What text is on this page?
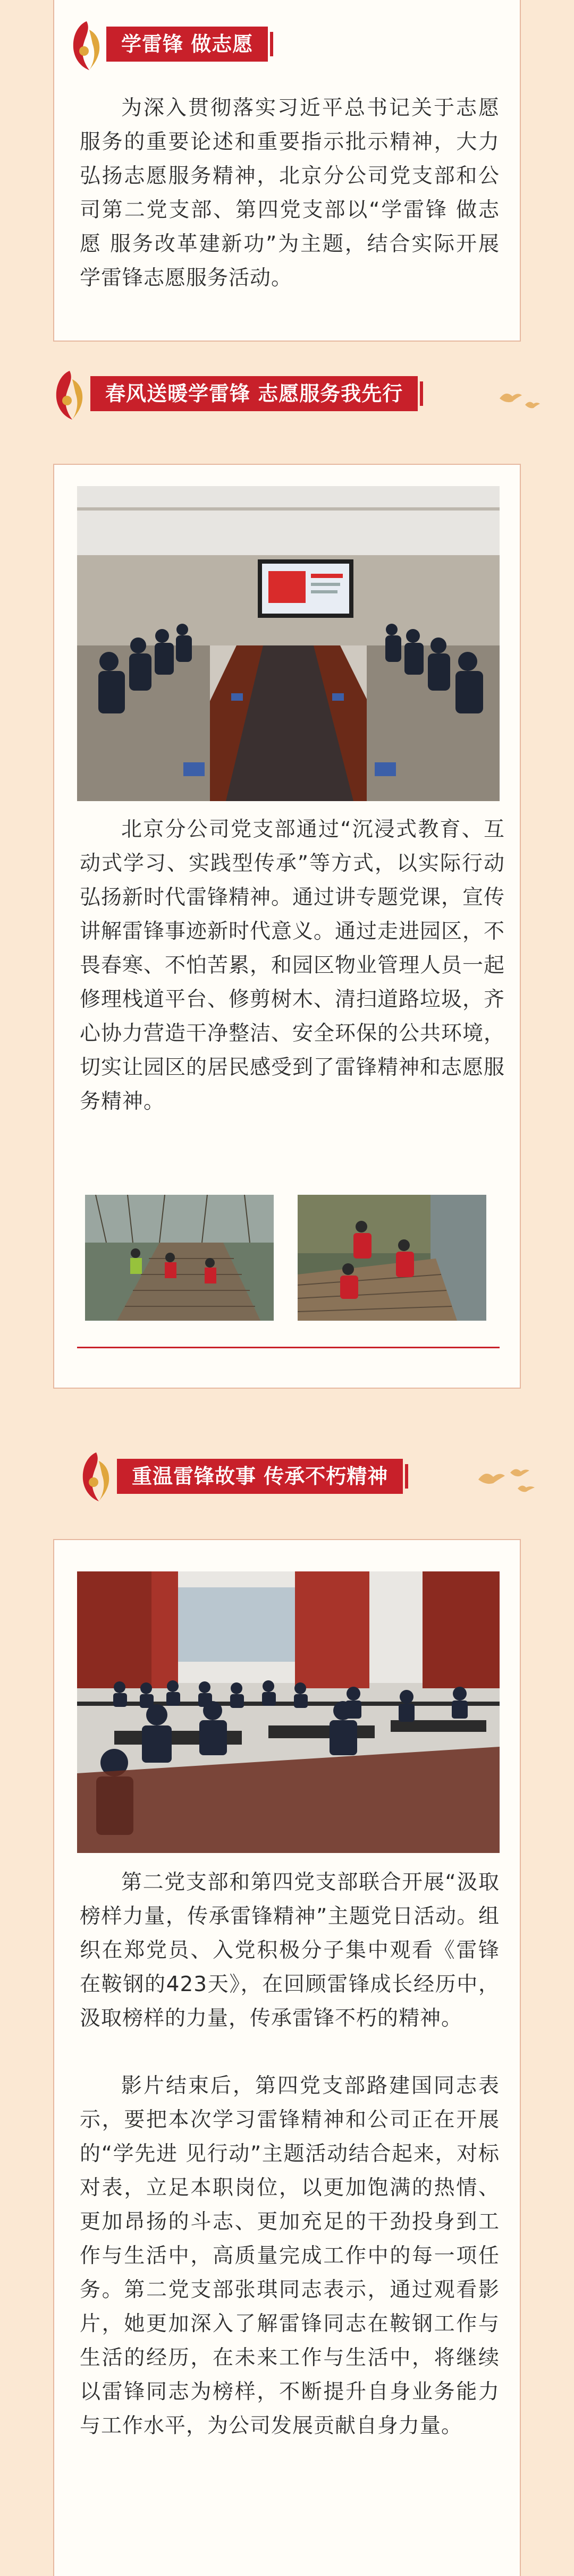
学雷锋 做志愿
为深入贯彻落实习近平总书记关于志愿服务的重要论述和重要指示批示精神，大力弘扬志愿服务精神，北京分公司党支部和公司第二党支部、第四党支部以“学雷锋 做志愿 服务改革建新功”为主题，结合实际开展学雷锋志愿服务活动。
春风送暖学雷锋 志愿服务我先行
北京分公司党支部通过“沉浸式教育、互动式学习、实践型传承”等方式，以实际行动弘扬新时代雷锋精神。通过讲专题党课，宣传讲解雷锋事迹新时代意义。通过走进园区，不畏春寒、不怕苦累，和园区物业管理人员一起修理栈道平台、修剪树木、清扫道路垃圾，齐心协力营造干净整洁、安全环保的公共环境，切实让园区的居民感受到了雷锋精神和志愿服务精神。
重温雷锋故事 传承不朽精神
第二党支部和第四党支部联合开展“汲取榜样力量，传承雷锋精神”主题党日活动。组织在郑党员、入党积极分子集中观看《雷锋在鞍钢的423天》，在回顾雷锋成长经历中，汲取榜样的力量，传承雷锋不朽的精神。
影片结束后，第四党支部路建国同志表示，要把本次学习雷锋精神和公司正在开展的“学先进 见行动”主题活动结合起来，对标对表，立足本职岗位，以更加饱满的热情、更加昂扬的斗志、更加充足的干劲投身到工作与生活中，高质量完成工作中的每一项任务。第二党支部张琪同志表示，通过观看影片，她更加深入了解雷锋同志在鞍钢工作与生活的经历，在未来工作与生活中，将继续以雷锋同志为榜样，不断提升自身业务能力与工作水平，为公司发展贡献自身力量。
